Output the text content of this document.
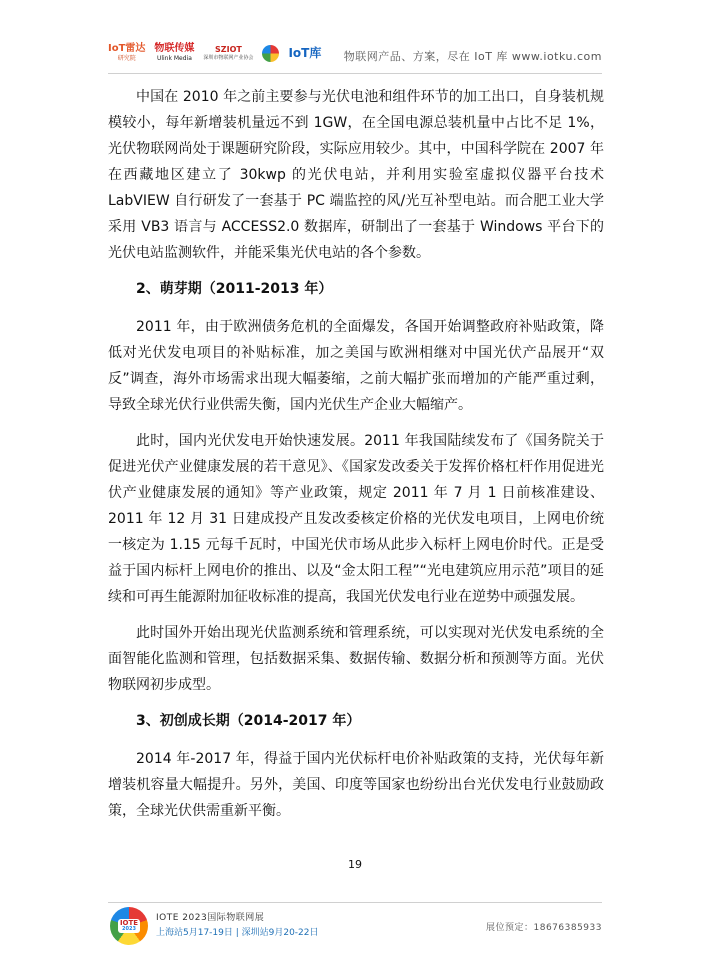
IoT雷达
研究院
物联传媒
Ulink Media
SZIOT
深圳市物联网产业协会	IoT库 物联网产品、方案，尽在 IoT 库 www.iotku.com

中国在 2010 年之前主要参与光伏电池和组件环节的加工出口，自身装机规模较小，每年新增装机量远不到 1GW，在全国电源总装机量中占比不足 1%，光伏物联网尚处于课题研究阶段，实际应用较少。其中，中国科学院在 2007 年在西藏地区建立了 30kwp 的光伏电站，并利用实验室虚拟仪器平台技术 LabVIEW 自行研发了一套基于 PC 端监控的风/光互补型电站。而合肥工业大学采用 VB3 语言与 ACCESS2.0 数据库，研制出了一套基于 Windows 平台下的光伏电站监测软件，并能采集光伏电站的各个参数。

2、萌芽期（2011-2013 年）

2011 年，由于欧洲债务危机的全面爆发，各国开始调整政府补贴政策，降低对光伏发电项目的补贴标准，加之美国与欧洲相继对中国光伏产品展开“双反”调查，海外市场需求出现大幅萎缩，之前大幅扩张而增加的产能严重过剩，导致全球光伏行业供需失衡，国内光伏生产企业大幅缩产。

此时，国内光伏发电开始快速发展。2011 年我国陆续发布了《国务院关于促进光伏产业健康发展的若干意见》、《国家发改委关于发挥价格杠杆作用促进光伏产业健康发展的通知》等产业政策，规定 2011 年 7 月 1 日前核准建设、2011 年 12 月 31 日建成投产且发改委核定价格的光伏发电项目，上网电价统一核定为 1.15 元每千瓦时，中国光伏市场从此步入标杆上网电价时代。正是受益于国内标杆上网电价的推出、以及“金太阳工程”“光电建筑应用示范”项目的延续和可再生能源附加征收标准的提高，我国光伏发电行业在逆势中顽强发展。

此时国外开始出现光伏监测系统和管理系统，可以实现对光伏发电系统的全面智能化监测和管理，包括数据采集、数据传输、数据分析和预测等方面。光伏物联网初步成型。

3、初创成长期（2014-2017 年）

2014 年-2017 年，得益于国内光伏标杆电价补贴政策的支持，光伏每年新增装机容量大幅提升。另外，美国、印度等国家也纷纷出台光伏发电行业鼓励政策，全球光伏供需重新平衡。

19
IOTE
2023
IOTE 2023国际物联网展
上海站5月17-19日 | 深圳站9月20-22日	展位预定：18676385933
